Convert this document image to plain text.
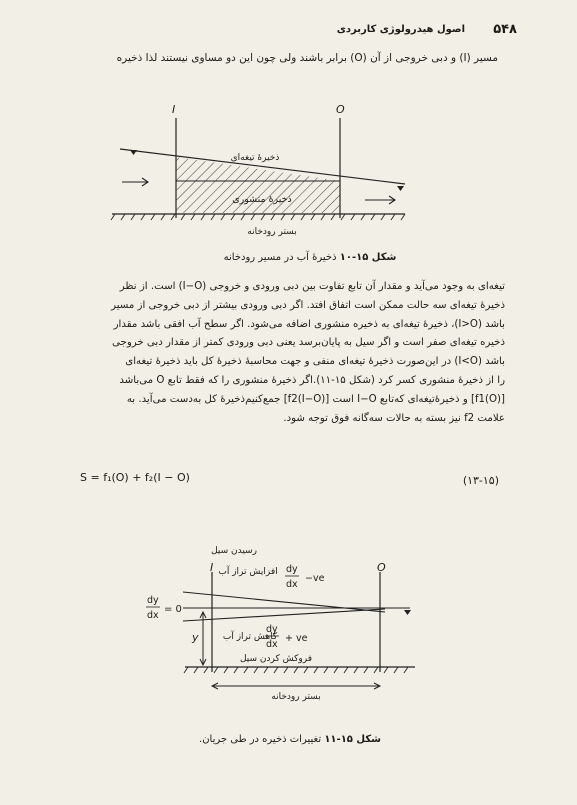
۵۴۸
اصول هیدرولوژی کاربردی
مسیر (I) و دبی خروجی از آن (O) برابر باشند ولی چون این دو مساوی نیستند لذا ذخیره
I	O
ذخیرهٔ تیغه‌ای
ذخیرهٔ منشوری
بستر رودخانه
شکل ۱۵-۱۰ ذخیرهٔ آب در مسیر رودخانه

تیغه‌ای به وجود می‌آید و مقدار آن تابع تفاوت بین دبی ورودی و خروجی (I−O) است. از نظر

ذخیرهٔ تیغه‌ای سه حالت ممکن است اتفاق افتد. اگر دبی ورودی بیشتر از دبی خروجی از مسیر

باشد (I>O)، ذخیرهٔ تیغه‌ای به ذخیره منشوری اضافه می‌شود. اگر سطح آب افقی باشد مقدار

ذخیره تیغه‌ای صفر است و اگر سیل به پایان‌برسد یعنی دبی ورودی کمتر از مقدار دبی خروجی

باشد (I<O) در این‌صورت ذخیرهٔ تیغه‌ای منفی و جهت محاسبهٔ ذخیرهٔ کل باید ذخیرهٔ تیغه‌ای

را از ذخیرهٔ منشوری کسر کرد (شکل ۱۵-۱۱).اگر ذخیرهٔ منشوری را که فقط تابع O می‌باشد

[f1(O)] و ذخیرهٔ‌تیغه‌ای که‌تابع I−O است [f2(I−O)] جمع‌کنیم‌ذخیرهٔ کل به‌دست می‌آید. به

علامت f2 نیز بسته به حالات سه‌گانه فوق توجه شود.

S = f₁(O) + f₂(I − O)	(۱۳-۱۵)
I	O
y
بستر رودخانه
رسیدن سیل
افزایش تراز آب dy
dx
−ve
dy
dx
= 0
کاهش تراز آب
dy
dx
+ ve
فروکش کردن سیل
شکل ۱۵-۱۱ تغییرات ذخیره در طی جریان.
